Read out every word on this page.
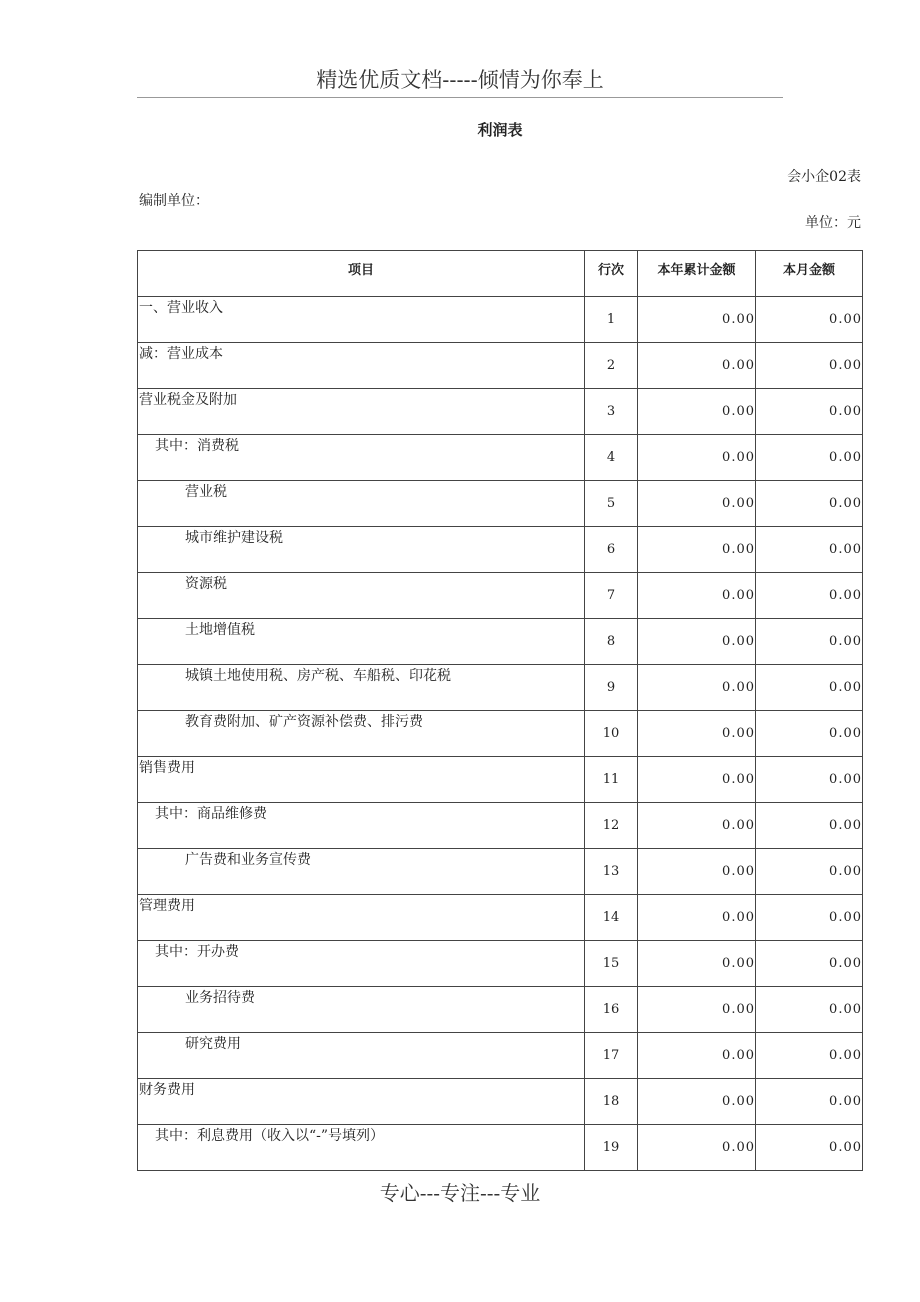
精选优质文档-----倾情为你奉上
利润表
会小企02表
编制单位：
单位：元
项目	行次	本年累计金额	本月金额
一、营业收入	1	0.00	0.00
减：营业成本	2	0.00	0.00
营业税金及附加	3	0.00	0.00
其中：消费税	4	0.00	0.00
营业税	5	0.00	0.00
城市维护建设税	6	0.00	0.00
资源税	7	0.00	0.00
土地增值税	8	0.00	0.00
城镇土地使用税、房产税、车船税、印花税	9	0.00	0.00
教育费附加、矿产资源补偿费、排污费	10	0.00	0.00
销售费用	11	0.00	0.00
其中：商品维修费	12	0.00	0.00
广告费和业务宣传费	13	0.00	0.00
管理费用	14	0.00	0.00
其中：开办费	15	0.00	0.00
业务招待费	16	0.00	0.00
研究费用	17	0.00	0.00
财务费用	18	0.00	0.00
其中：利息费用（收入以“-”号填列）	19	0.00	0.00
专心---专注---专业
